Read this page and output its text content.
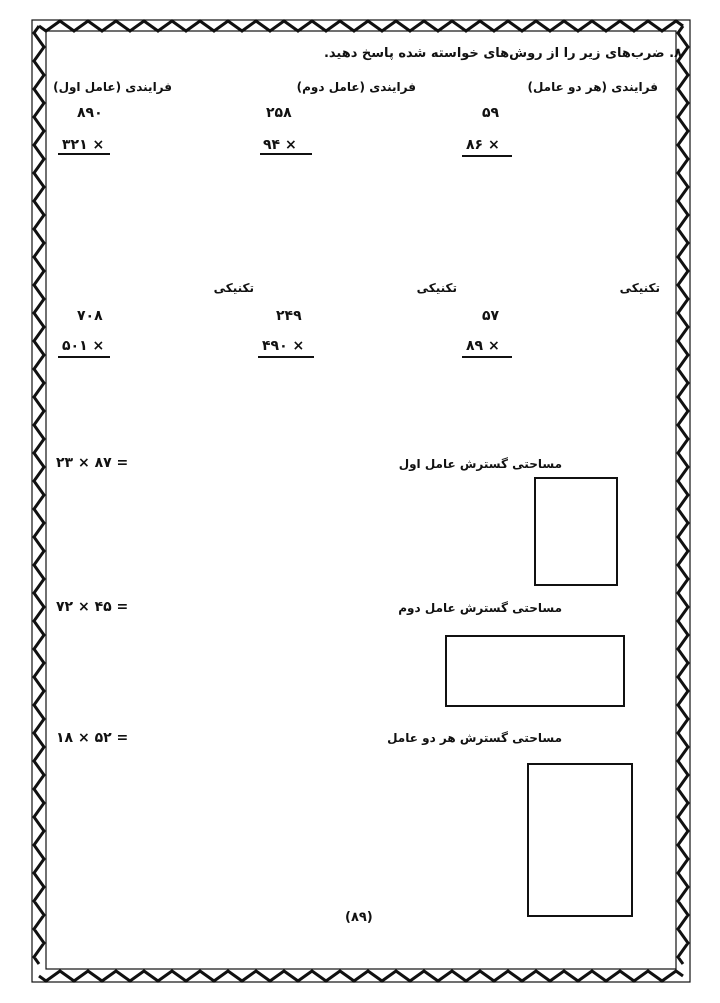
۸. ضرب‌های زیر را از روش‌های خواسته شده پاسخ دهید.
فرایندی (هر دو عامل)
فرایندی (عامل دوم)
فرایندی (عامل اول)
۵۹
۸۶ ×
۲۵۸
۹۴ ×
۸۹۰
۳۲۱ ×
تکنیکی
تکنیکی
تکنیکی
۵۷
۸۹ ×
۲۴۹
۴۹۰ ×
۷۰۸
۵۰۱ ×
مساحتی گسترش عامل اول
۲۳ × ۸۷ =
مساحتی گسترش عامل دوم
۷۲ × ۴۵ =
مساحتی گسترش هر دو عامل
۱۸ × ۵۲ =
(۸۹)
